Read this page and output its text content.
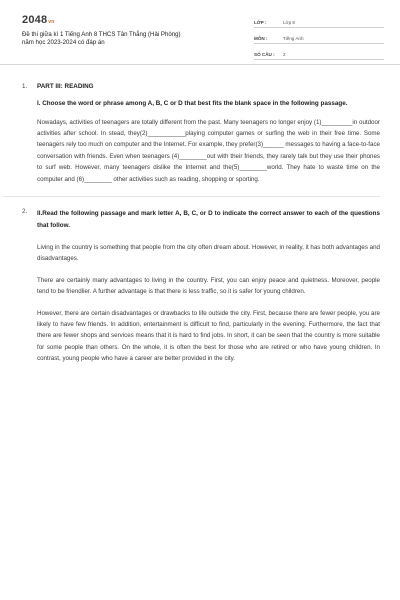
2048vn
Đề thi giữa kì 1 Tiếng Anh 8 THCS Tân Thắng (Hải Phòng)
năm học 2023-2024 có đáp án
LỚP :	Lớp 8
MÔN :	Tiếng Anh
SỐ CÂU : 2
1. PART III: READING
I. Choose the word or phrase among A, B, C or D that best fits the blank space in the following passage.
Nowadays, activities of teenagers are totally different from the past. Many teenagers no longer enjoy (1)_________in outdoor activities after school. In stead, they(2)___________playing computer games or surfing the web in their free time. Some teenagers rely too much on computer and the Internet. For example, they prefer(3)______ messages to having a face-to-face conversation with friends. Even when teenagers (4)________out with their friends, they rarely talk but they use their phones to surf web. However, many teenagers dislike the Internet and the(5)________world. They hate to waste time on the computer and (6)________ other activities such as reading, shopping or sporting.
2. II.Read the following passage and mark letter A, B, C, or D to indicate the correct answer to each of the questions that follow.
Living in the country is something that people from the city often dream about. However, in reality, it has both advantages and disadvantages.
There are certainly many advantages to living in the country. First, you can enjoy peace and quietness. Moreover, people tend to be friendlier. A further advantage is that there is less traffic, so it is safer for young children.
However, there are certain disadvantages or drawbacks to life outside the city. First, because there are fewer people, you are likely to have few friends. In addition, entertainment is difficult to find, particularly in the evening. Furthermore, the fact that there are fewer shops and services means that it is hard to find jobs. In short, it can be seen that the country is more suitable for some people than others. On the whole, it is often the best for those who are retired or who have young children. In contrast, young people who have a career are better provided in the city.
